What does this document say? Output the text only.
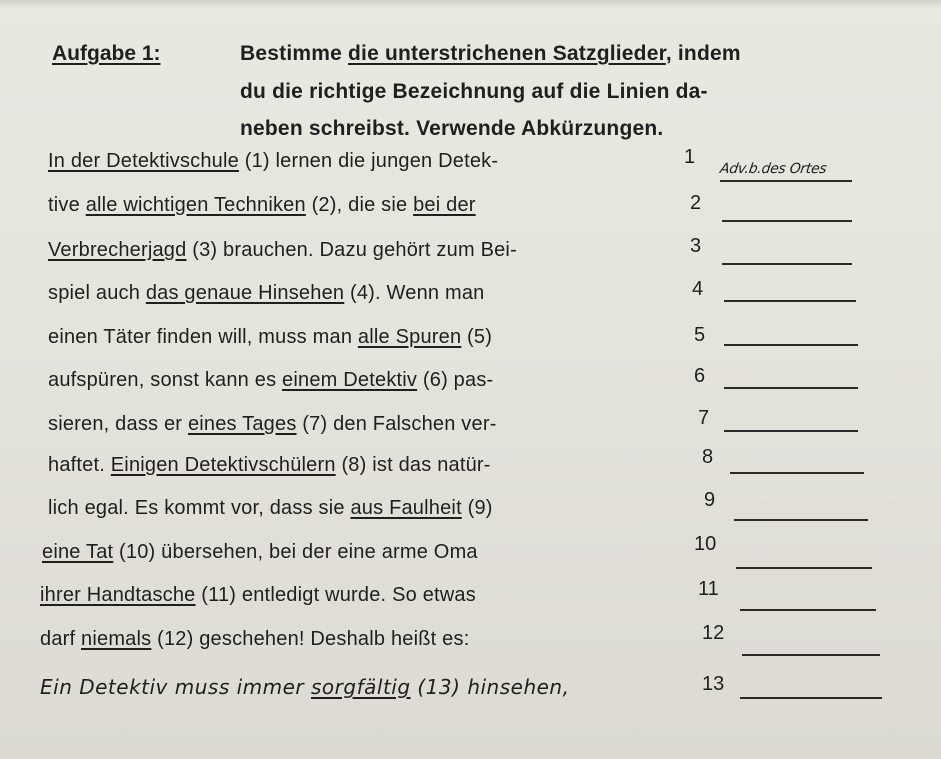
Aufgabe 1:	Bestimme die unterstrichenen Satzglieder, indem
du die richtige Bezeichnung auf die Linien da-
neben schreibst. Verwende Abkürzungen.
In der Detektivschule (1) lernen die jungen Detek-	1
Adv.b.des Ortes
tive alle wichtigen Techniken (2), die sie bei der	2
Verbrecherjagd (3) brauchen. Dazu gehört zum Bei-	3
spiel auch das genaue Hinsehen (4). Wenn man	4
einen Täter finden will, muss man alle Spuren (5)	5
aufspüren, sonst kann es einem Detektiv (6) pas-	6
sieren, dass er eines Tages (7) den Falschen ver-	7
haftet. Einigen Detektivschülern (8) ist das natür-	8
lich egal. Es kommt vor, dass sie aus Faulheit (9)	9
eine Tat (10) übersehen, bei der eine arme Oma	10
ihrer Handtasche (11) entledigt wurde. So etwas	11
darf niemals (12) geschehen! Deshalb heißt es:	12
Ein Detektiv muss immer sorgfältig (13) hinsehen,	13
